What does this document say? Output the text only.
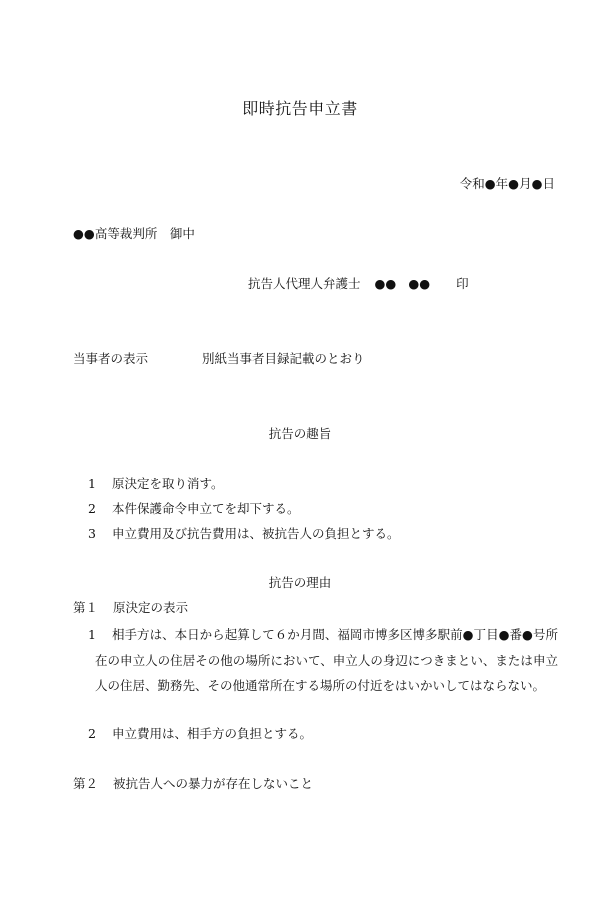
即時抗告申立書
令和●年●月●日
●●高等裁判所　御中
抗告人代理人弁護士 ●● ●● 印
当事者の表示	別紙当事者目録記載のとおり
抗告の趣旨
1 原決定を取り消す。
2 本件保護命令申立てを却下する。
3 申立費用及び抗告費用は、被抗告人の負担とする。
抗告の理由
第１ 原決定の表示
1	相手方は、本日から起算して６か月間、福岡市博多区博多駅前●丁目●番●号所在の申立人の住居その他の場所において、申立人の身辺につきまとい、または申立人の住居、勤務先、その他通常所在する場所の付近をはいかいしてはならない。
2 申立費用は、相手方の負担とする。
第２ 被抗告人への暴力が存在しないこと
